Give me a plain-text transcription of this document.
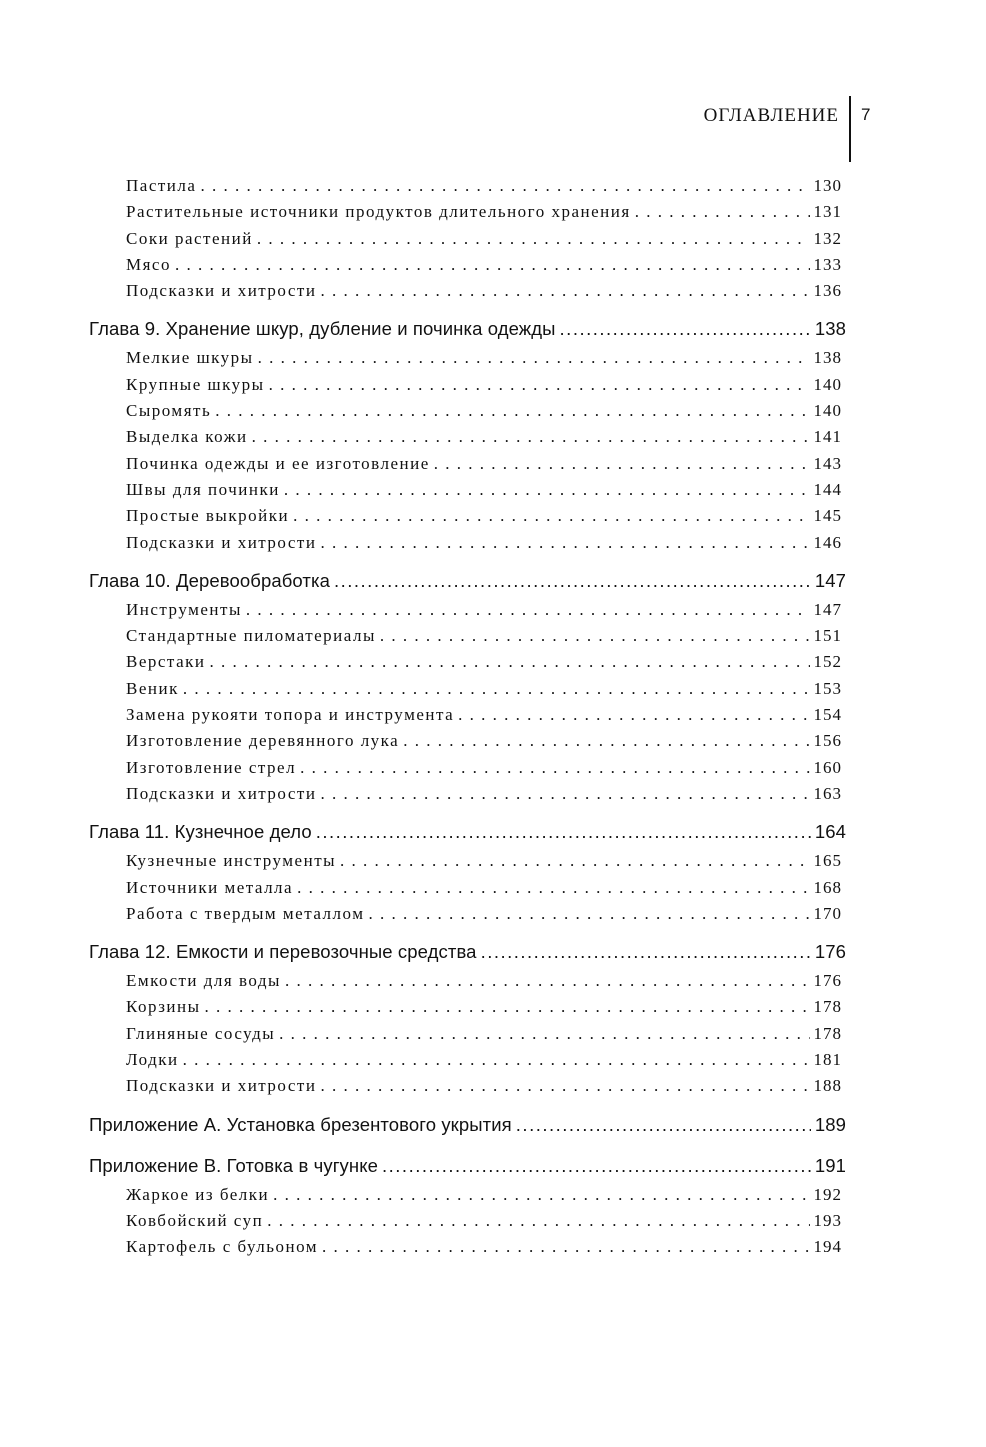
ОГЛАВЛЕНИЕ 7
Пастила . . .	130
Растительные источники продуктов длительного хранения . . .	131
Соки растений . . .	132
Мясо . . .	133
Подсказки и хитрости . . .	136
Глава 9. Хранение шкур, дубление и починка одежды .....	138
Мелкие шкуры . . .	138
Крупные шкуры . . .	140
Сыромять . . .	140
Выделка кожи . . .	141
Починка одежды и ее изготовление . . .	143
Швы для починки . . .	144
Простые выкройки . . .	145
Подсказки и хитрости . . .	146
Глава 10. Деревообработка .....	147
Инструменты . . .	147
Стандартные пиломатериалы . . .	151
Верстаки . . .	152
Веник . . .	153
Замена рукояти топора и инструмента . . .	154
Изготовление деревянного лука . . .	156
Изготовление стрел . . .	160
Подсказки и хитрости . . .	163
Глава 11. Кузнечное дело .....	164
Кузнечные инструменты . . .	165
Источники металла . . .	168
Работа с твердым металлом . . .	170
Глава 12. Емкости и перевозочные средства .....	176
Емкости для воды . . .	176
Корзины . . .	178
Глиняные сосуды . . .	178
Лодки . . .	181
Подсказки и хитрости . . .	188
Приложение А. Установка брезентового укрытия .....	189
Приложение В. Готовка в чугунке .....	191
Жаркое из белки . . .	192
Ковбойский суп . . .	193
Картофель с бульоном . . .	194
